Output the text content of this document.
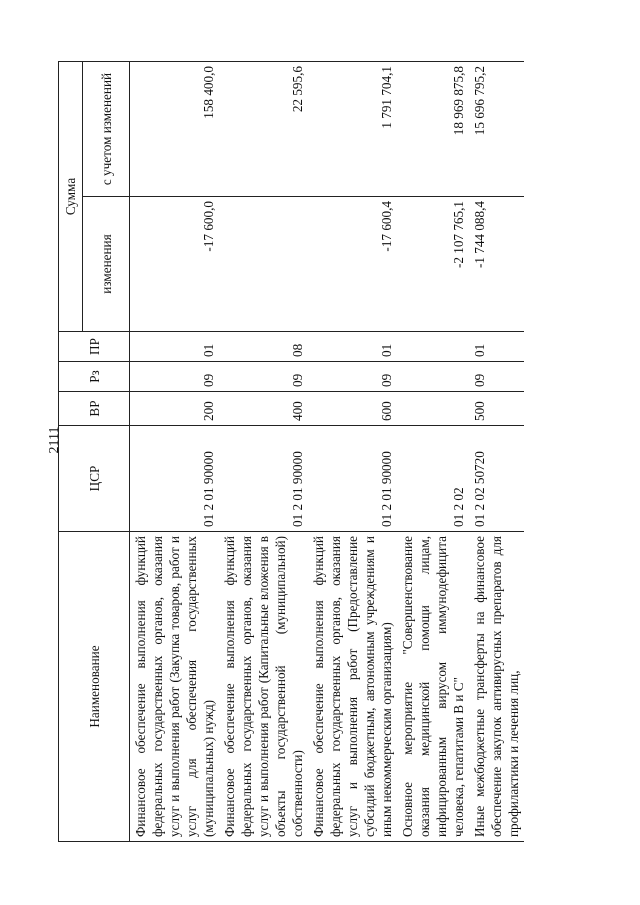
2111
Наименование	ЦСР	ВР	Рз	ПР	Сумма	
					изменения	с учетом изменений
Финансовое обеспечение выполнения функций федеральных государственных органов, оказания услуг и выполнения работ (Закупка товаров, работ и услуг для обеспечения государственных (муниципальных) нужд)	01 2 01 90000	200	09	01	-17 600,0	158 400,0
Финансовое обеспечение выполнения функций федеральных государственных органов, оказания услуг и выполнения работ (Капитальные вложения в объекты государственной (муниципальной) собственности)	01 2 01 90000	400	09	08		22 595,6
Финансовое обеспечение выполнения функций федеральных государственных органов, оказания услуг и выполнения работ (Предоставление субсидий бюджетным, автономным учреждениям и иным некоммерческим организациям)	01 2 01 90000	600	09	01	-17 600,4	1 791 704,1
Основное мероприятие "Совершенствование оказания медицинской помощи лицам, инфицированным вирусом иммунодефицита человека, гепатитами B и C"	01 2 02				-2 107 765,1	18 969 875,8
Иные межбюджетные трансферты на финансовое обеспечение закупок антивирусных препаратов для профилактики и лечения лиц,	01 2 02 50720	500	09	01	-1 744 088,4	15 696 795,2
